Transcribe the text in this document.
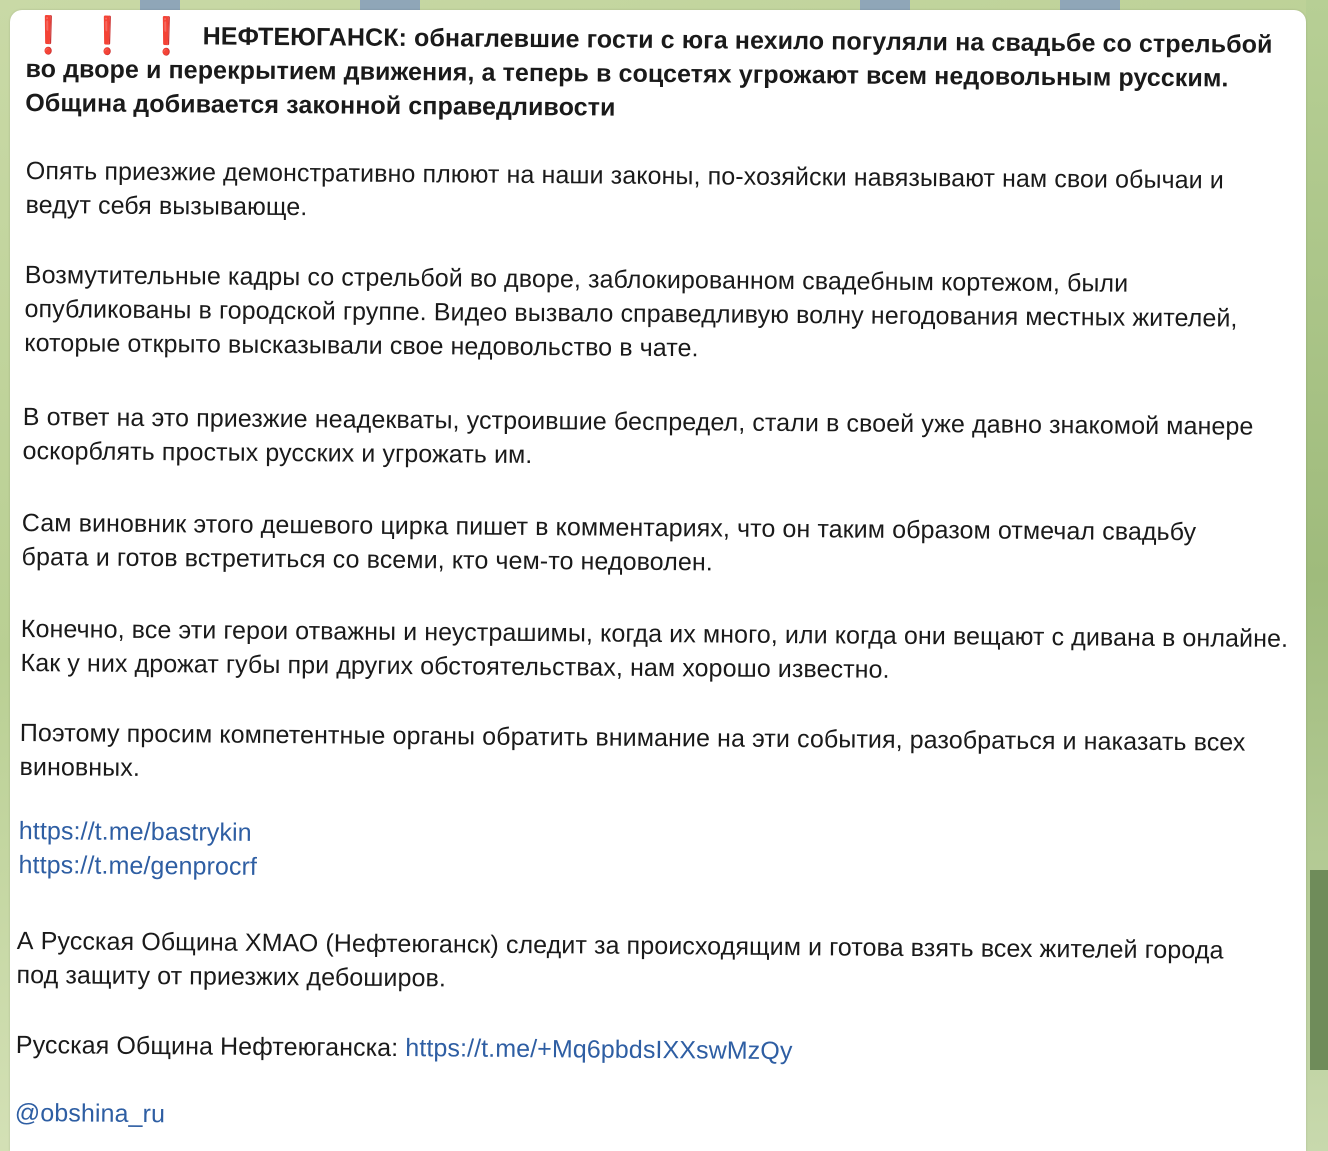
❗ ❗ ❗ НЕФТЕЮГАНСК: обнаглевшие гости с юга нехило погуляли на свадьбе со стрельбой во дворе и перекрытием движения, а теперь в соцсетях угрожают всем недовольным русским. Община добивается законной справедливости

Опять приезжие демонстративно плюют на наши законы, по-хозяйски навязывают нам свои обычаи и ведут себя вызывающе.

Возмутительные кадры со стрельбой во дворе, заблокированном свадебным кортежом, были опубликованы в городской группе. Видео вызвало справедливую волну негодования местных жителей, которые открыто высказывали свое недовольство в чате.

В ответ на это приезжие неадекваты, устроившие беспредел, стали в своей уже давно знакомой манере оскорблять простых русских и угрожать им.

Сам виновник этого дешевого цирка пишет в комментариях, что он таким образом отмечал свадьбу брата и готов встретиться со всеми, кто чем-то недоволен.

Конечно, все эти герои отважны и неустрашимы, когда их много, или когда они вещают с дивана в онлайне. Как у них дрожат губы при других обстоятельствах, нам хорошо известно.

Поэтому просим компетентные органы обратить внимание на эти события, разобраться и наказать всех виновных.

https://t.me/bastrykin
https://t.me/genprocrf

А Русская Община ХМАО (Нефтеюганск) следит за происходящим и готова взять всех жителей города под защиту от приезжих дебоширов.

Русская Община Нефтеюганска: https://t.me/+Mq6pbdsIXXswMzQy

@obshina_ru
